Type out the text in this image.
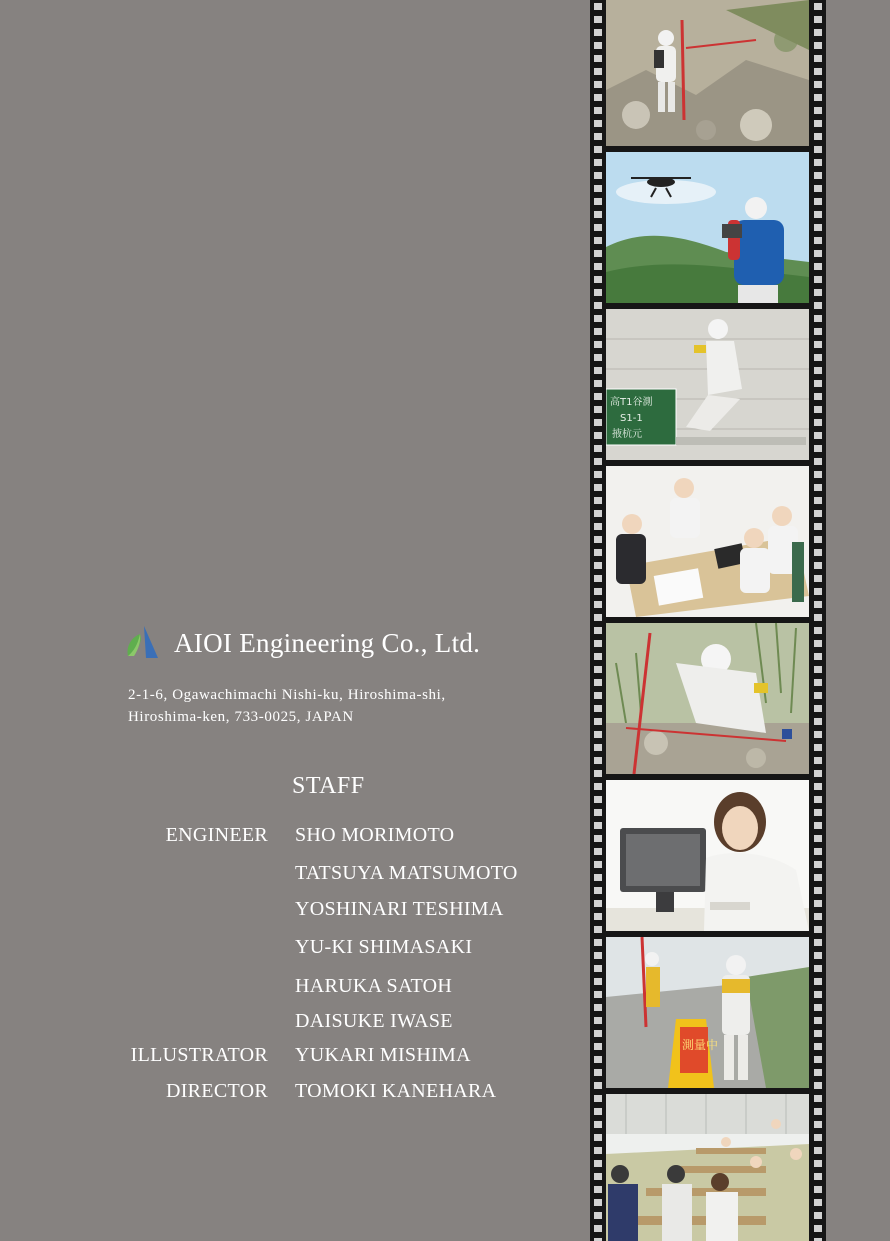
AIOI Engineering Co., Ltd.
2-1-6, Ogawachimachi Nishi-ku, Hiroshima-shi,
Hiroshima-ken, 733-0025, JAPAN
STAFF
ENGINEER SHO MORIMOTO
TATSUYA MATSUMOTO
YOSHINARI TESHIMA
YU-KI SHIMASAKI
HARUKA SATOH
DAISUKE IWASE
ILLUSTRATOR YUKARI MISHIMA
DIRECTOR TOMOKI KANEHARA
高T1谷測
S1-1
掖杭元
測量中
